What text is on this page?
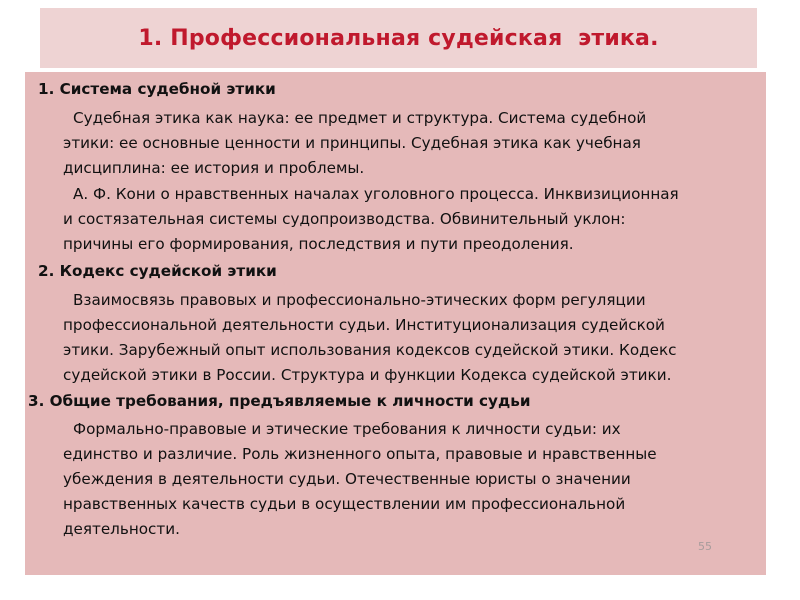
1. Профессиональная судейская  этика.
1. Система судебной этики
Судебная этика как наука: ее предмет и структура. Система судебной
этики: ее основные ценности и принципы. Судебная этика как учебная
дисциплина: ее история и проблемы.
А. Ф. Кони о нравственных началах уголовного процесса. Инквизиционная
и состязательная системы судопроизводства. Обвинительный уклон:
причины его формирования, последствия и пути преодоления.
2. Кодекс судейской этики
Взаимосвязь правовых и профессионально-этических форм регуляции
профессиональной деятельности судьи. Институционализация судейской
этики. Зарубежный опыт использования кодексов судейской этики. Кодекс
судейской этики в России. Структура и функции Кодекса судейской этики.
3. Общие требования, предъявляемые к личности судьи
Формально-правовые и этические требования к личности судьи: их
единство и различие. Роль жизненного опыта, правовые и нравственные
убеждения в деятельности судьи. Отечественные юристы о значении
нравственных качеств судьи в осуществлении им профессиональной
деятельности.
55
